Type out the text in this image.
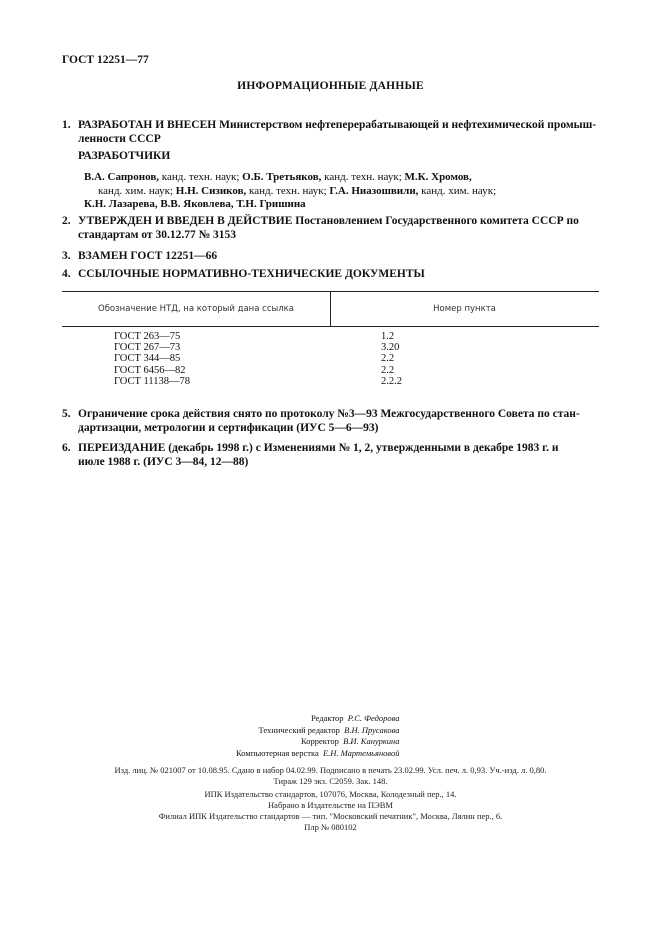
ГОСТ 12251—77
ИНФОРМАЦИОННЫЕ ДАННЫЕ
1. РАЗРАБОТАН И ВНЕСЕН Министерством нефтеперерабатывающей и нефтехимической промыш-
ленности СССР
РАЗРАБОТЧИКИ
В.А. Сапронов, канд. техн. наук; О.Б. Третьяков, канд. техн. наук; М.К. Хромов,
канд. хим. наук; Н.Н. Сизиков, канд. техн. наук; Г.А. Ниазошвили, канд. хим. наук;
К.Н. Лазарева, В.В. Яковлева, Т.Н. Гришина
2. УТВЕРЖДЕН И ВВЕДЕН В ДЕЙСТВИЕ Постановлением Государственного комитета СССР по
стандартам от 30.12.77 № 3153
3. ВЗАМЕН ГОСТ 12251—66
4. ССЫЛОЧНЫЕ НОРМАТИВНО-ТЕХНИЧЕСКИЕ ДОКУМЕНТЫ
Обозначение НТД, на который дана ссылка	Номер пункта
ГОСТ 263—75
ГОСТ 267—73
ГОСТ 344—85
ГОСТ 6456—82
ГОСТ 11138—78
1.2
3.20
2.2
2.2
2.2.2
5. Ограничение срока действия снято по протоколу №3—93 Межгосударственного Совета по стан-
дартизации, метрологии и сертификации (ИУС 5—6—93)
6. ПЕРЕИЗДАНИЕ (декабрь 1998 г.) с Изменениями № 1, 2, утвержденными в декабре 1983 г. и
июле 1988 г. (ИУС 3—84, 12—88)
Редактор Р.С. Федорова
Технический редактор В.Н. Прусакова
Корректор В.И. Кануркина
Компьютерная верстка Е.Н. Мартемьяновой
Изд. лиц. № 021007 от 10.08.95. Сдано в набор 04.02.99. Подписано в печать 23.02.99. Усл. печ. л. 0,93. Уч.-изд. л. 0,80.
Тираж 129 экз. С2059. Зак. 148.
ИПК Издательство стандартов, 107076, Москва, Колодезный пер., 14.
Набрано в Издательстве на ПЭВМ
Филиал ИПК Издательство стандартов — тип. "Московский печатник", Москва, Лялин пер., 6.
Плр № 080102
